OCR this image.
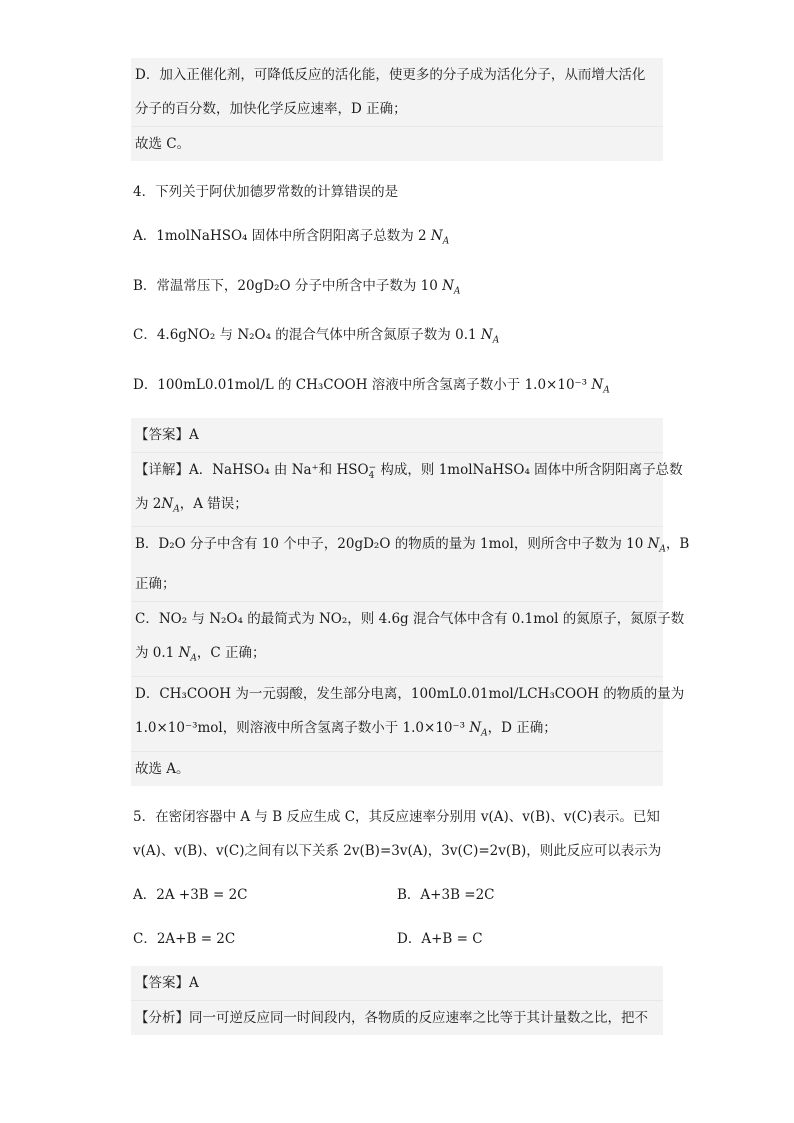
D．加入正催化剂，可降低反应的活化能，使更多的分子成为活化分子，从而增大活化
分子的百分数，加快化学反应速率，D 正确；
故选 C。
4．下列关于阿伏加德罗常数的计算错误的是
A．1molNaHSO₄ 固体中所含阴阳离子总数为 2 $N_A$
B．常温常压下，20gD₂O 分子中所含中子数为 10 $N_A$
C．4.6gNO₂ 与 N₂O₄ 的混合气体中所含氮原子数为 0.1 $N_A$
D．100mL0.01mol/L 的 CH₃COOH 溶液中所含氢离子数小于 1.0×10⁻³ $N_A$
【答案】A
【详解】A．NaHSO₄ 由 Na⁺和 HSO−
4 构成，则 1molNaHSO₄ 固体中所含阴阳离子总数
为 $2N_A$，A 错误；
B．D₂O 分子中含有 10 个中子，20gD₂O 的物质的量为 1mol，则所含中子数为 10 $N_A$，B
正确；
C．NO₂ 与 N₂O₄ 的最简式为 NO₂，则 4.6g 混合气体中含有 0.1mol 的氮原子，氮原子数
为 0.1 $N_A$，C 正确；
D．CH₃COOH 为一元弱酸，发生部分电离，100mL0.01mol/LCH₃COOH 的物质的量为
1.0×10⁻³mol，则溶液中所含氢离子数小于 1.0×10⁻³ $N_A$，D 正确；
故选 A。
5．在密闭容器中 A 与 B 反应生成 C，其反应速率分别用 v(A)、v(B)、v(C)表示。已知
v(A)、v(B)、v(C)之间有以下关系 2v(B)=3v(A)，3v(C)=2v(B)，则此反应可以表示为
A．2A +3B = 2C	B．A+3B =2C
C．2A+B = 2C	D．A+B = C
【答案】A
【分析】同一可逆反应同一时间段内，各物质的反应速率之比等于其计量数之比，把不
